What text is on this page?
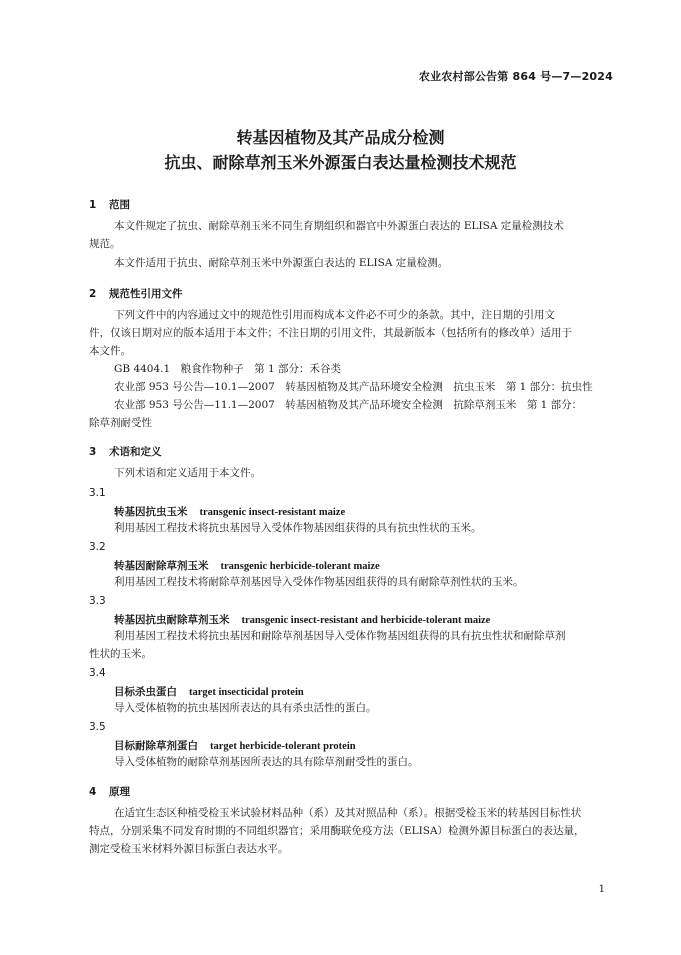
农业农村部公告第 864 号—7—2024
转基因植物及其产品成分检测
抗虫、耐除草剂玉米外源蛋白表达量检测技术规范
1 范围
本文件规定了抗虫、耐除草剂玉米不同生育期组织和器官中外源蛋白表达的 ELISA 定量检测技术
规范。
本文件适用于抗虫、耐除草剂玉米中外源蛋白表达的 ELISA 定量检测。
2 规范性引用文件
下列文件中的内容通过文中的规范性引用而构成本文件必不可少的条款。其中，注日期的引用文
件，仅该日期对应的版本适用于本文件；不注日期的引用文件，其最新版本（包括所有的修改单）适用于
本文件。
GB 4404.1　粮食作物种子　第 1 部分：禾谷类
农业部 953 号公告—10.1—2007　转基因植物及其产品环境安全检测　抗虫玉米　第 1 部分：抗虫性
农业部 953 号公告—11.1—2007　转基因植物及其产品环境安全检测　抗除草剂玉米　第 1 部分：
除草剂耐受性
3 术语和定义
下列术语和定义适用于本文件。
3.1
转基因抗虫玉米 transgenic insect-resistant maize
利用基因工程技术将抗虫基因导入受体作物基因组获得的具有抗虫性状的玉米。
3.2
转基因耐除草剂玉米 transgenic herbicide-tolerant maize
利用基因工程技术将耐除草剂基因导入受体作物基因组获得的具有耐除草剂性状的玉米。
3.3
转基因抗虫耐除草剂玉米 transgenic insect-resistant and herbicide-tolerant maize
利用基因工程技术将抗虫基因和耐除草剂基因导入受体作物基因组获得的具有抗虫性状和耐除草剂
性状的玉米。
3.4
目标杀虫蛋白 target insecticidal protein
导入受体植物的抗虫基因所表达的具有杀虫活性的蛋白。
3.5
目标耐除草剂蛋白 target herbicide-tolerant protein
导入受体植物的耐除草剂基因所表达的具有除草剂耐受性的蛋白。
4 原理
在适宜生态区种植受检玉米试验材料品种（系）及其对照品种（系）。根据受检玉米的转基因目标性状
特点，分别采集不同发育时期的不同组织器官；采用酶联免疫方法（ELISA）检测外源目标蛋白的表达量，
测定受检玉米材料外源目标蛋白表达水平。
1
